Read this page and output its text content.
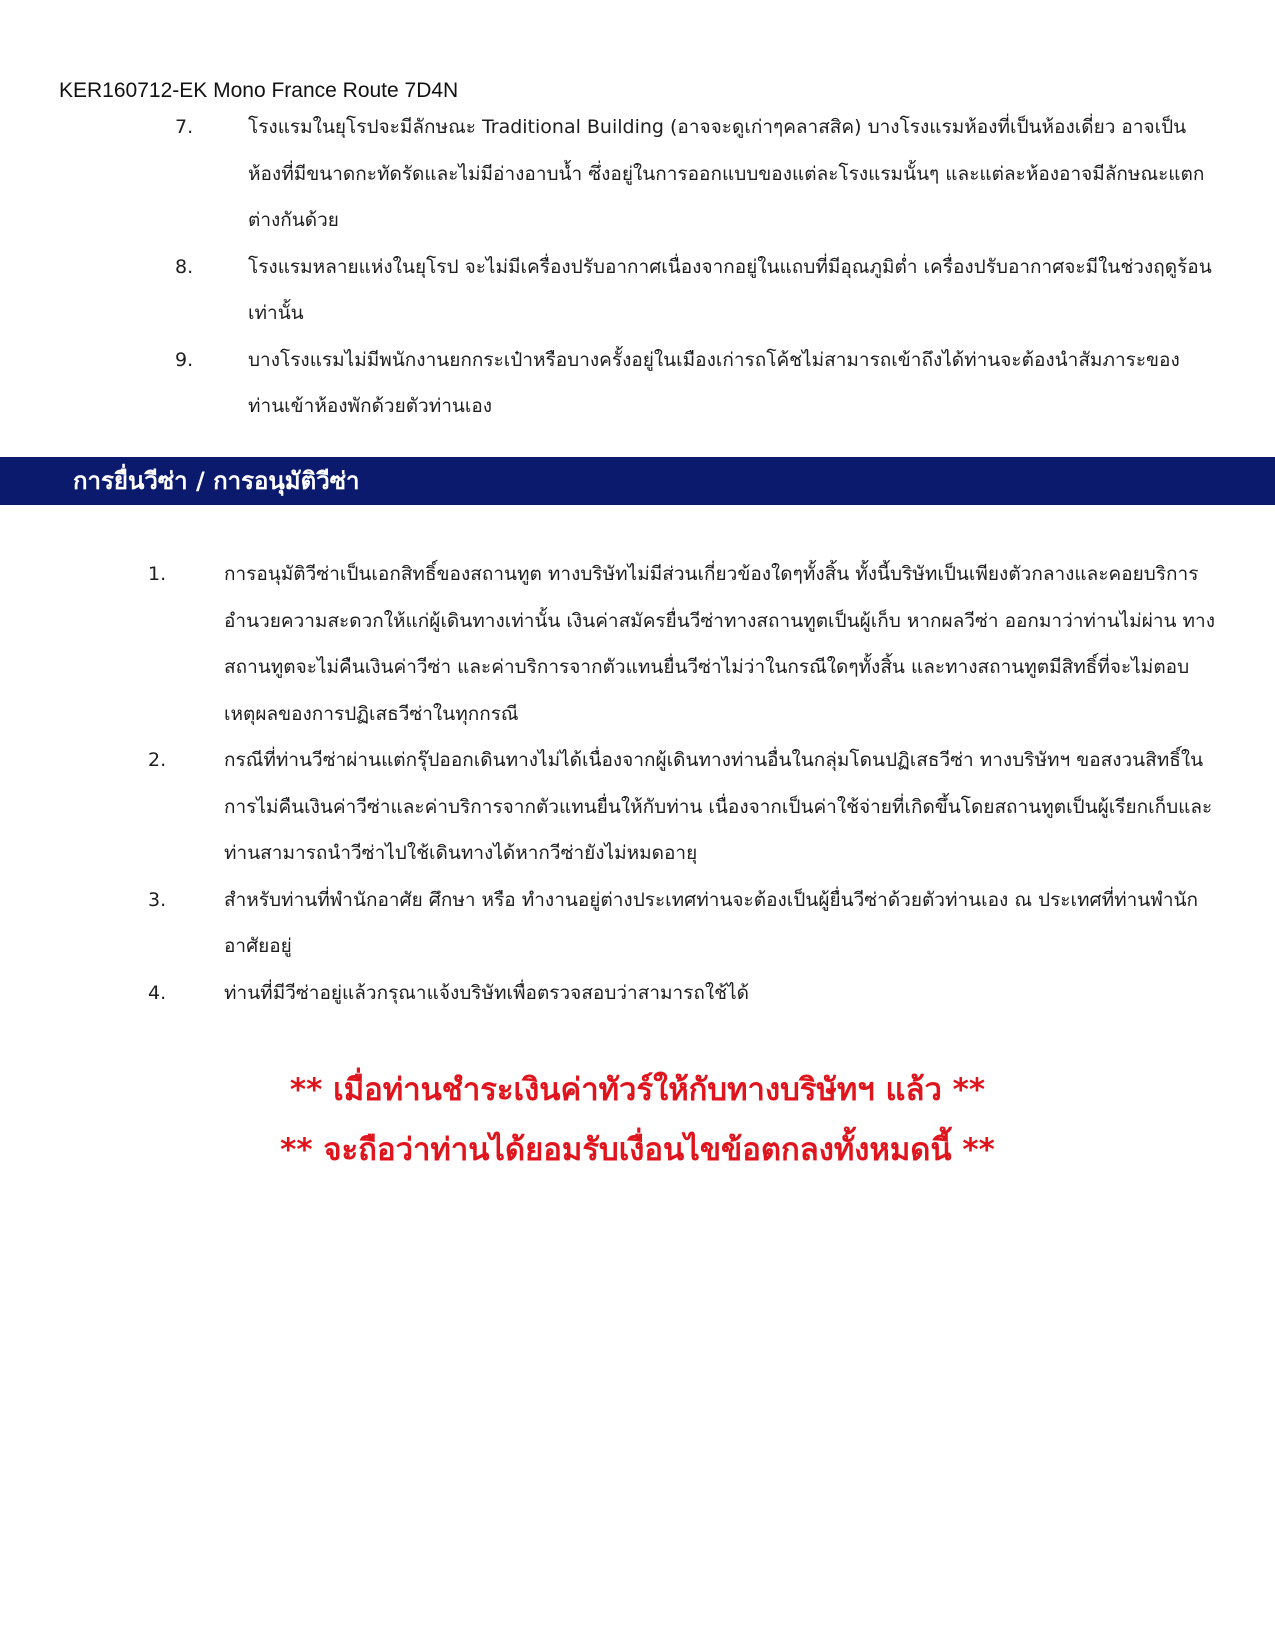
KER160712-EK Mono France Route 7D4N
7.	โรงแรมในยุโรปจะมีลักษณะ Traditional Building (อาจจะดูเก่าๆคลาสสิค) บางโรงแรมห้องที่เป็นห้องเดี่ยว อาจเป็นห้องที่มีขนาดกะทัดรัดและไม่มีอ่างอาบน้ำ ซึ่งอยู่ในการออกแบบของแต่ละโรงแรมนั้นๆ และแต่ละห้องอาจมีลักษณะแตกต่างกันด้วย
8.	โรงแรมหลายแห่งในยุโรป จะไม่มีเครื่องปรับอากาศเนื่องจากอยู่ในแถบที่มีอุณภูมิต่ำ เครื่องปรับอากาศจะมีในช่วงฤดูร้อนเท่านั้น
9.	บางโรงแรมไม่มีพนักงานยกกระเป๋าหรือบางครั้งอยู่ในเมืองเก่ารถโค้ชไม่สามารถเข้าถึงได้ท่านจะต้องนำสัมภาระของท่านเข้าห้องพักด้วยตัวท่านเอง
การยื่นวีซ่า / การอนุมัติวีซ่า
1.	การอนุมัติวีซ่าเป็นเอกสิทธิ์ของสถานทูต ทางบริษัทไม่มีส่วนเกี่ยวข้องใดๆทั้งสิ้น ทั้งนี้บริษัทเป็นเพียงตัวกลางและคอยบริการอำนวยความสะดวกให้แก่ผู้เดินทางเท่านั้น เงินค่าสมัครยื่นวีซ่าทางสถานทูตเป็นผู้เก็บ หากผลวีซ่า ออกมาว่าท่านไม่ผ่าน ทางสถานทูตจะไม่คืนเงินค่าวีซ่า และค่าบริการจากตัวแทนยื่นวีซ่าไม่ว่าในกรณีใดๆทั้งสิ้น และทางสถานทูตมีสิทธิ์ที่จะไม่ตอบเหตุผลของการปฏิเสธวีซ่าในทุกกรณี
2.	กรณีที่ท่านวีซ่าผ่านแต่กรุ๊ปออกเดินทางไม่ได้เนื่องจากผู้เดินทางท่านอื่นในกลุ่มโดนปฏิเสธวีซ่า ทางบริษัทฯ ขอสงวนสิทธิ์ในการไม่คืนเงินค่าวีซ่าและค่าบริการจากตัวแทนยื่นให้กับท่าน เนื่องจากเป็นค่าใช้จ่ายที่เกิดขึ้นโดยสถานทูตเป็นผู้เรียกเก็บและท่านสามารถนำวีซ่าไปใช้เดินทางได้หากวีซ่ายังไม่หมดอายุ
3.	สำหรับท่านที่พำนักอาศัย ศึกษา หรือ ทำงานอยู่ต่างประเทศท่านจะต้องเป็นผู้ยื่นวีซ่าด้วยตัวท่านเอง ณ ประเทศที่ท่านพำนักอาศัยอยู่
4.	ท่านที่มีวีซ่าอยู่แล้วกรุณาแจ้งบริษัทเพื่อตรวจสอบว่าสามารถใช้ได้
** เมื่อท่านชำระเงินค่าทัวร์ให้กับทางบริษัทฯ แล้ว **
** จะถือว่าท่านได้ยอมรับเงื่อนไขข้อตกลงทั้งหมดนี้ **
